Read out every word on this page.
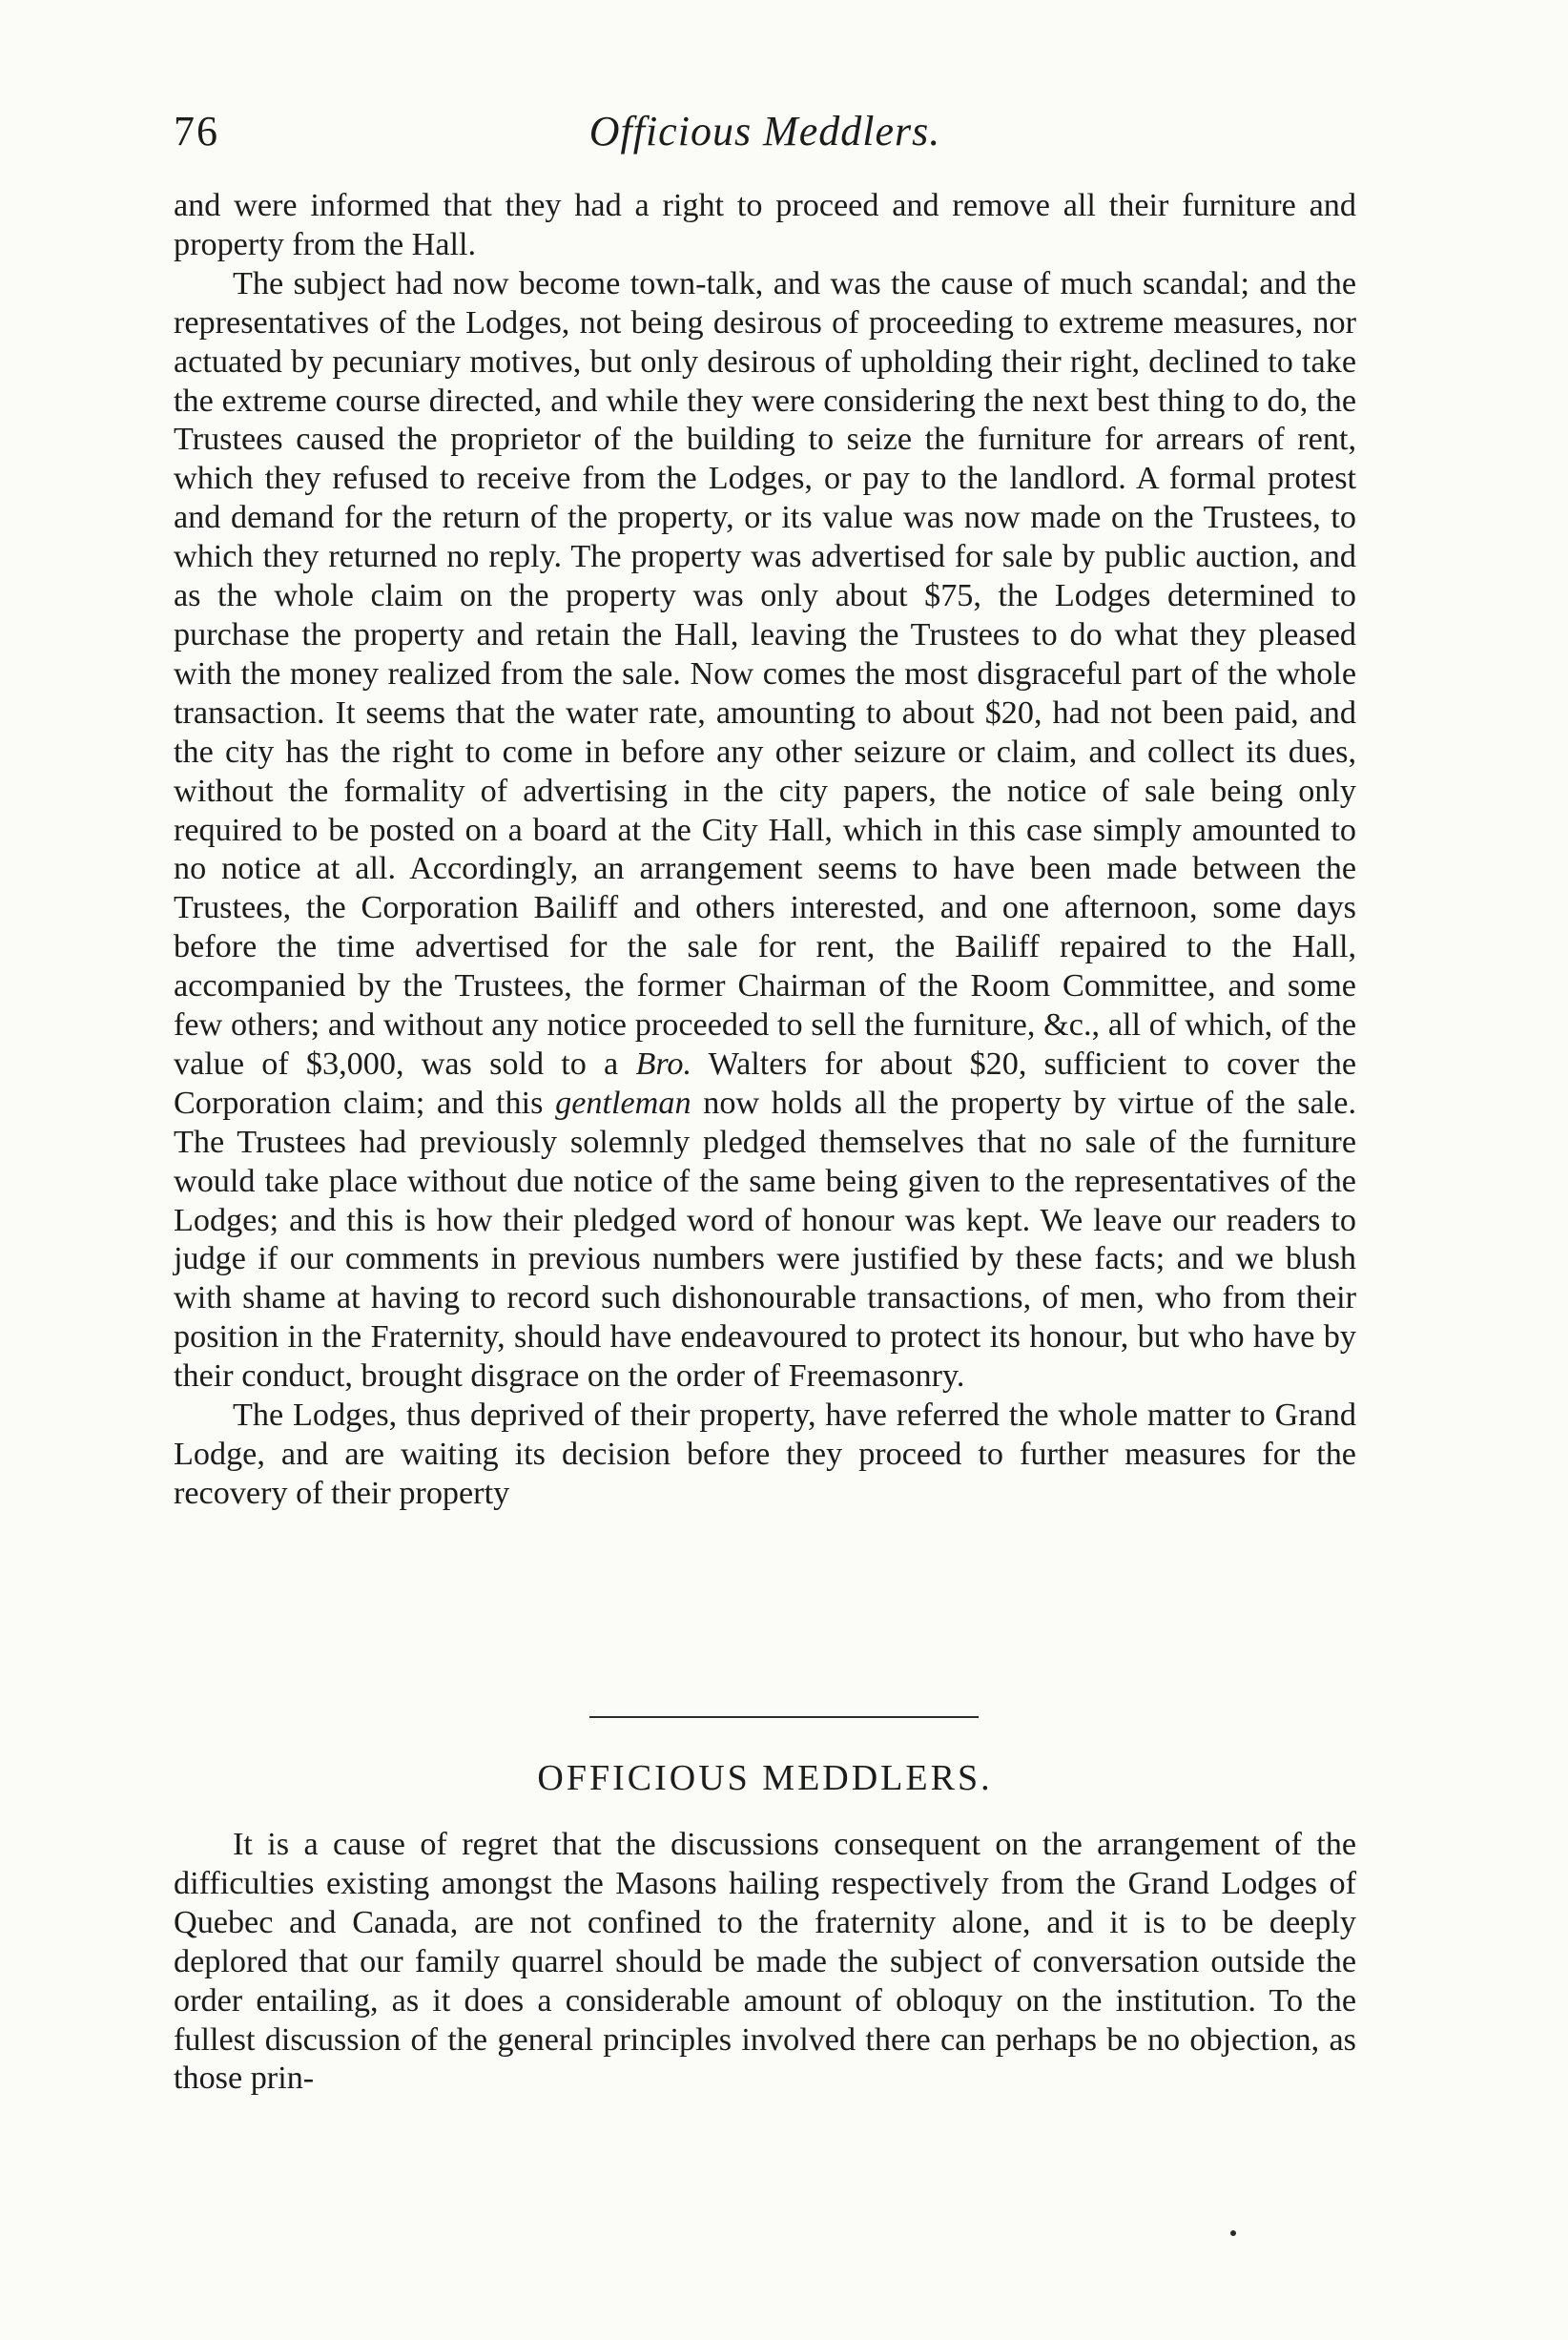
76	Officious Meddlers.

and were informed that they had a right to proceed and remove all their furniture and property from the Hall.

The subject had now become town-talk, and was the cause of much scandal; and the representatives of the Lodges, not being desirous of proceeding to extreme measures, nor actuated by pecuniary motives, but only desirous of upholding their right, declined to take the extreme course directed, and while they were considering the next best thing to do, the Trustees caused the proprietor of the building to seize the furniture for arrears of rent, which they refused to receive from the Lodges, or pay to the landlord. A formal protest and demand for the return of the property, or its value was now made on the Trustees, to which they returned no reply. The property was advertised for sale by public auction, and as the whole claim on the property was only about $75, the Lodges determined to purchase the property and retain the Hall, leaving the Trustees to do what they pleased with the money realized from the sale. Now comes the most disgraceful part of the whole transaction. It seems that the water rate, amounting to about $20, had not been paid, and the city has the right to come in before any other seizure or claim, and collect its dues, without the formality of advertising in the city papers, the notice of sale being only required to be posted on a board at the City Hall, which in this case simply amounted to no notice at all. Accordingly, an arrangement seems to have been made between the Trustees, the Corporation Bailiff and others interested, and one afternoon, some days before the time advertised for the sale for rent, the Bailiff repaired to the Hall, accompanied by the Trustees, the former Chairman of the Room Committee, and some few others; and without any notice proceeded to sell the furniture, &c., all of which, of the value of $3,000, was sold to a Bro. Walters for about $20, sufficient to cover the Corporation claim; and this gentleman now holds all the property by virtue of the sale. The Trustees had previously solemnly pledged themselves that no sale of the furniture would take place without due notice of the same being given to the representatives of the Lodges; and this is how their pledged word of honour was kept. We leave our readers to judge if our comments in previous numbers were justified by these facts; and we blush with shame at having to record such dishonourable transactions, of men, who from their position in the Fraternity, should have endeavoured to protect its honour, but who have by their conduct, brought disgrace on the order of Freemasonry.

The Lodges, thus deprived of their property, have referred the whole matter to Grand Lodge, and are waiting its decision before they proceed to further measures for the recovery of their property

OFFICIOUS MEDDLERS.

It is a cause of regret that the discussions consequent on the arrangement of the difficulties existing amongst the Masons hailing respectively from the Grand Lodges of Quebec and Canada, are not confined to the fraternity alone, and it is to be deeply deplored that our family quarrel should be made the subject of conversation outside the order entailing, as it does a considerable amount of obloquy on the institution. To the fullest discussion of the general principles involved there can perhaps be no objection, as those prin-
